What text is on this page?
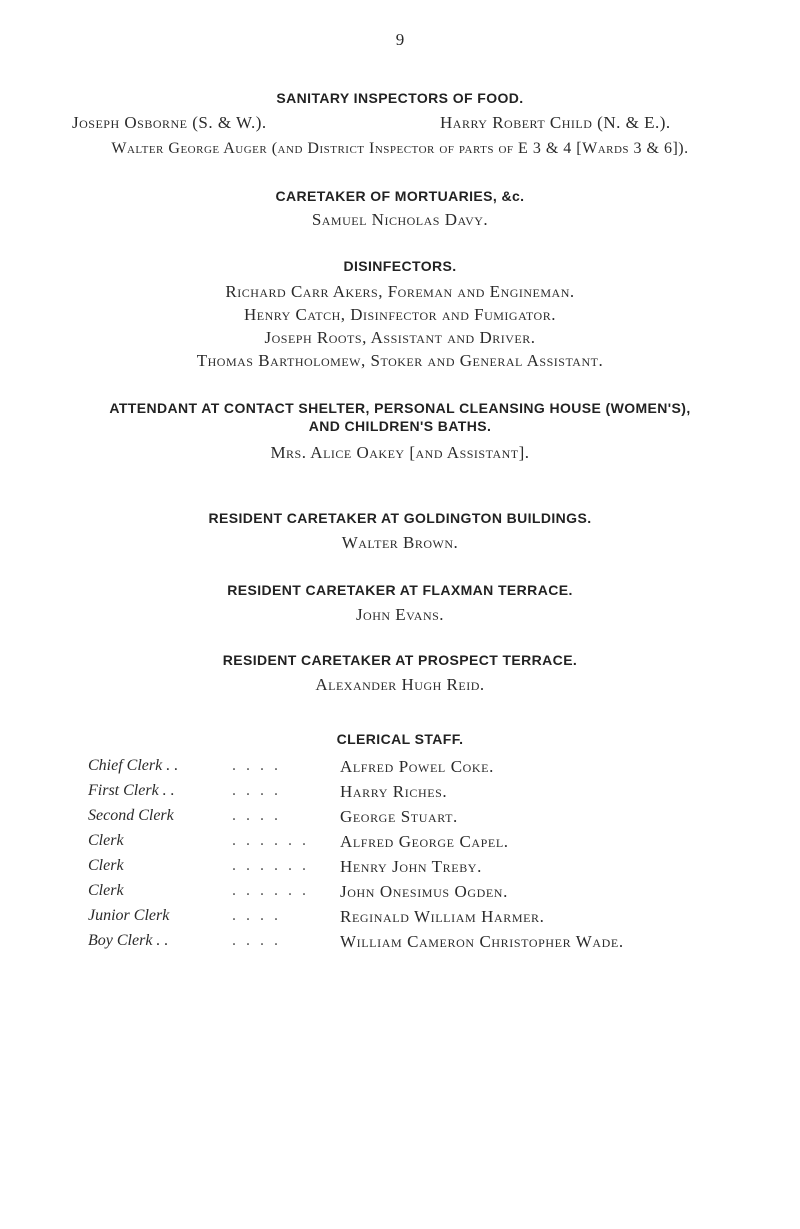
9
SANITARY INSPECTORS OF FOOD.
Joseph Osborne (S. & W.).	Harry Robert Child (N. & E.).
Walter George Auger (and District Inspector of parts of E 3 & 4 [Wards 3 & 6]).
CARETAKER OF MORTUARIES, &c.
Samuel Nicholas Davy.
DISINFECTORS.
Richard Carr Akers, Foreman and Engineman.
Henry Catch, Disinfector and Fumigator.
Joseph Roots, Assistant and Driver.
Thomas Bartholomew, Stoker and General Assistant.
ATTENDANT AT CONTACT SHELTER, PERSONAL CLEANSING HOUSE (WOMEN'S),
AND CHILDREN'S BATHS.
Mrs. Alice Oakey [and Assistant].
RESIDENT CARETAKER AT GOLDINGTON BUILDINGS.
Walter Brown.
RESIDENT CARETAKER AT FLAXMAN TERRACE.
John Evans.
RESIDENT CARETAKER AT PROSPECT TERRACE.
Alexander Hugh Reid.
CLERICAL STAFF.
Chief Clerk . .	. . . .	Alfred Powel Coke.
First Clerk . .	. . . .	Harry Riches.
Second Clerk	. . . .	George Stuart.
Clerk	. . . . . .	Alfred George Capel.
Clerk	. . . . . .	Henry John Treby.
Clerk	. . . . . .	John Onesimus Ogden.
Junior Clerk	. . . .	Reginald William Harmer.
Boy Clerk . .	. . . .	William Cameron Christopher Wade.
